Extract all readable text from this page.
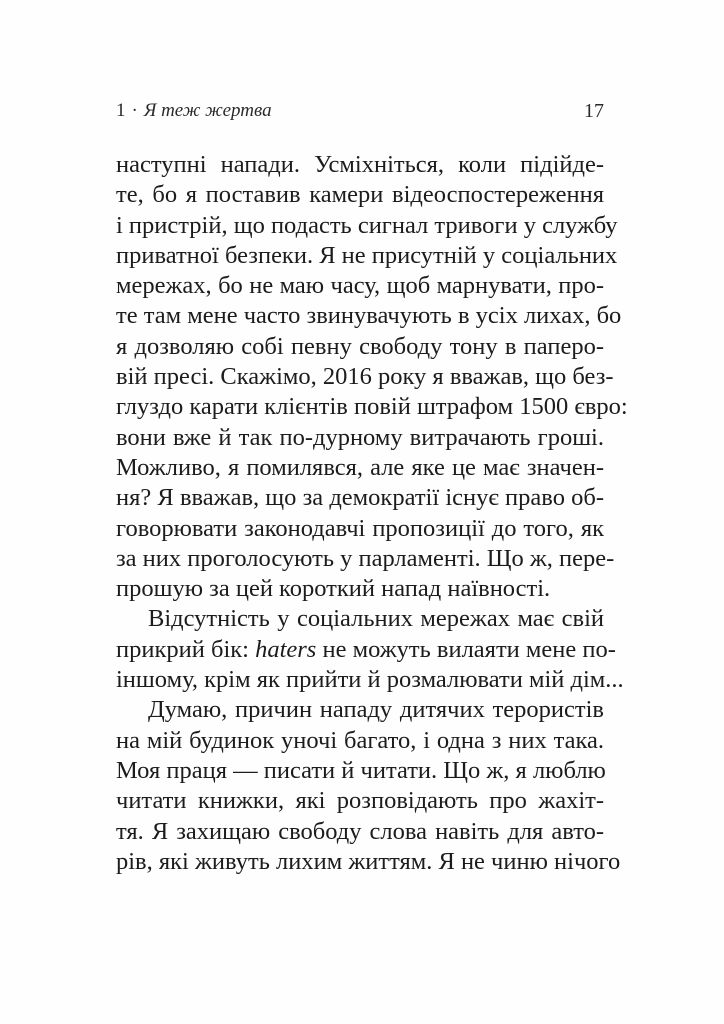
1 · Я теж жертва	17
наступні напади. Усміхніться, коли підійде-
те, бо я поставив камери відеоспостереження
і пристрій, що подасть сигнал тривоги у службу
приватної безпеки. Я не присутній у соціальних
мережах, бо не маю часу, щоб марнувати, про-
те там мене часто звинувачують в усіх лихах, бо
я дозволяю собі певну свободу тону в паперо-
вій пресі. Скажімо, 2016 року я вважав, що без-
глуздо карати клієнтів повій штрафом 1500 євро:
вони вже й так по-дурному витрачають гроші.
Можливо, я помилявся, але яке це має значен-
ня? Я вважав, що за демократії існує право об-
говорювати законодавчі пропозиції до того, як
за них проголосують у парламенті. Що ж, пере-
прошую за цей короткий напад наївності.
Відсутність у соціальних мережах має свій
прикрий бік: haters не можуть вилаяти мене по-
іншому, крім як прийти й розмалювати мій дім...
Думаю, причин нападу дитячих терористів
на мій будинок уночі багато, і одна з них така.
Моя праця — писати й читати. Що ж, я люблю
читати книжки, які розповідають про жахіт-
тя. Я захищаю свободу слова навіть для авто-
рів, які живуть лихим життям. Я не чиню нічого
